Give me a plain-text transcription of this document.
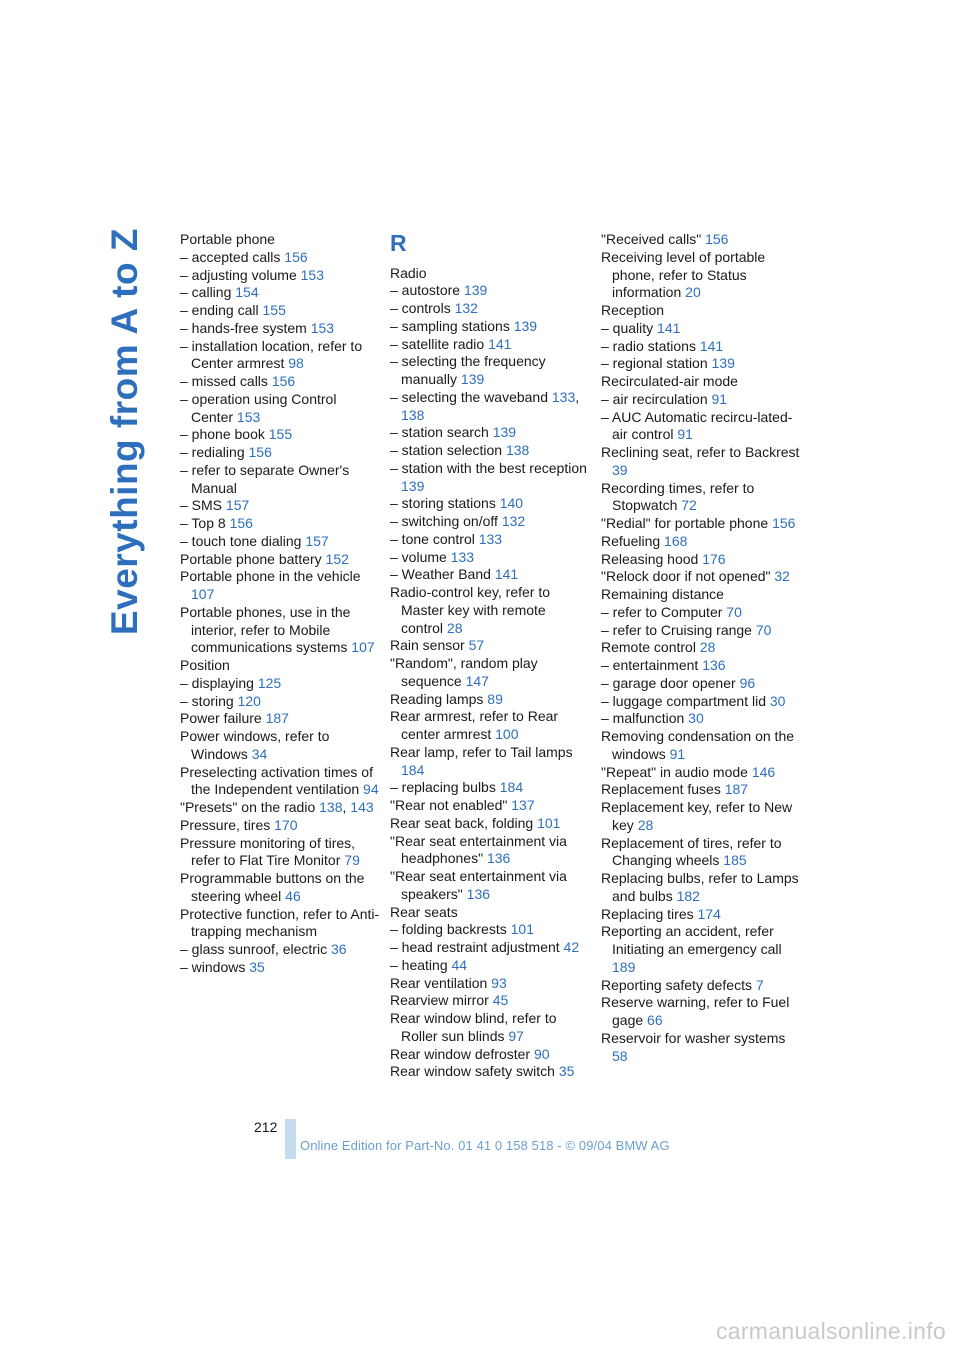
Everything from A to Z	Portable phone
– accepted calls 156
– adjusting volume 153
– calling 154
– ending call 155
– hands-free system 153
– installation location, refer to Center armrest 98
– missed calls 156
– operation using Control Center 153
– phone book 155
– redialing 156
– refer to separate Owner's Manual
– SMS 157
– Top 8 156
– touch tone dialing 157
Portable phone battery 152
Portable phone in the vehicle 107
Portable phones, use in the interior, refer to Mobile communications systems 107
Position
– displaying 125
– storing 120
Power failure 187
Power windows, refer to Windows 34
Preselecting activation times of the Independent ventilation 94
"Presets" on the radio 138, 143
Pressure, tires 170
Pressure monitoring of tires, refer to Flat Tire Monitor 79
Programmable buttons on the steering wheel 46
Protective function, refer to Anti-trapping mechanism
– glass sunroof, electric 36
– windows 35
R
Radio
– autostore 139
– controls 132
– sampling stations 139
– satellite radio 141
– selecting the frequency manually 139
– selecting the waveband 133, 138
– station search 139
– station selection 138
– station with the best reception 139
– storing stations 140
– switching on/off 132
– tone control 133
– volume 133
– Weather Band 141
Radio-control key, refer to Master key with remote control 28
Rain sensor 57
"Random", random play sequence 147
Reading lamps 89
Rear armrest, refer to Rear center armrest 100
Rear lamp, refer to Tail lamps 184
– replacing bulbs 184
"Rear not enabled" 137
Rear seat back, folding 101
"Rear seat entertainment via headphones" 136
"Rear seat entertainment via speakers" 136
Rear seats
– folding backrests 101
– head restraint adjustment 42
– heating 44
Rear ventilation 93
Rearview mirror 45
Rear window blind, refer to Roller sun blinds 97
Rear window defroster 90
Rear window safety switch 35
"Received calls" 156
Receiving level of portable phone, refer to Status information 20
Reception
– quality 141
– radio stations 141
– regional station 139
Recirculated-air mode
– air recirculation 91
– AUC Automatic recircu-lated-air control 91
Reclining seat, refer to Backrest 39
Recording times, refer to Stopwatch 72
"Redial" for portable phone 156
Refueling 168
Releasing hood 176
"Relock door if not opened" 32
Remaining distance
– refer to Computer 70
– refer to Cruising range 70
Remote control 28
– entertainment 136
– garage door opener 96
– luggage compartment lid 30
– malfunction 30
Removing condensation on the windows 91
"Repeat" in audio mode 146
Replacement fuses 187
Replacement key, refer to New key 28
Replacement of tires, refer to Changing wheels 185
Replacing bulbs, refer to Lamps and bulbs 182
Replacing tires 174
Reporting an accident, refer Initiating an emergency call 189
Reporting safety defects 7
Reserve warning, refer to Fuel gage 66
Reservoir for washer systems 58
212
Online Edition for Part-No. 01 41 0 158 518 - © 09/04 BMW AG
carmanualsonline.info
